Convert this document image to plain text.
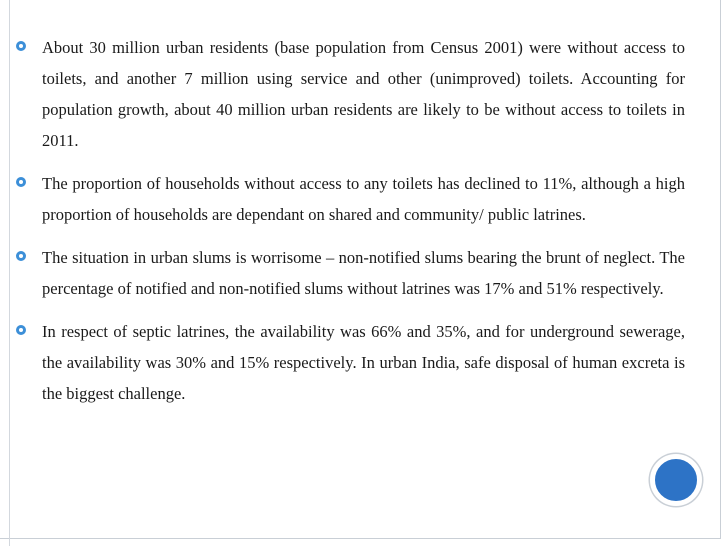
About 30 million urban residents (base population from Census 2001) were without access to toilets, and another 7 million using service and other (unimproved) toilets. Accounting for population growth, about 40 million urban residents are likely to be without access to toilets in 2011.

The proportion of households without access to any toilets has declined to 11%, although a high proportion of households are dependant on shared and community/ public latrines.

The situation in urban slums is worrisome – non-notified slums bearing the brunt of neglect. The percentage of notified and non-notified slums without latrines was 17% and 51% respectively.

In respect of septic latrines, the availability was 66% and 35%, and for underground sewerage, the availability was 30% and 15% respectively. In urban India, safe disposal of human excreta is the biggest challenge.
